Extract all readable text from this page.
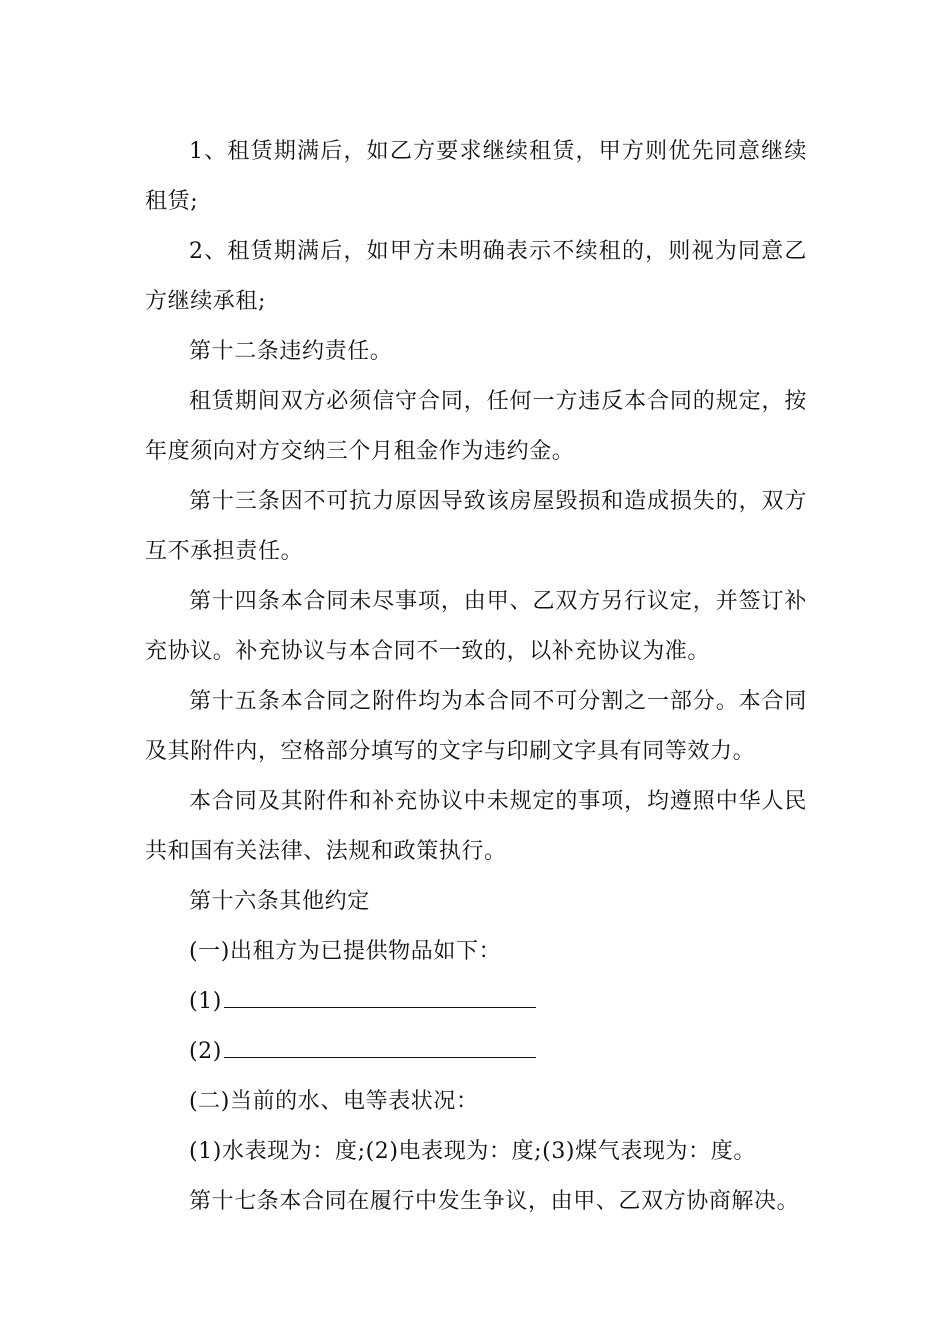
1、租赁期满后，如乙方要求继续租赁，甲方则优先同意继续租赁;

2、租赁期满后，如甲方未明确表示不续租的，则视为同意乙方继续承租;

第十二条违约责任。

租赁期间双方必须信守合同，任何一方违反本合同的规定，按年度须向对方交纳三个月租金作为违约金。

第十三条因不可抗力原因导致该房屋毁损和造成损失的，双方互不承担责任。

第十四条本合同未尽事项，由甲、乙双方另行议定，并签订补充协议。补充协议与本合同不一致的，以补充协议为准。

第十五条本合同之附件均为本合同不可分割之一部分。本合同及其附件内，空格部分填写的文字与印刷文字具有同等效力。

本合同及其附件和补充协议中未规定的事项，均遵照中华人民共和国有关法律、法规和政策执行。

第十六条其他约定

(一)出租方为已提供物品如下：

(1)

(2)

(二)当前的水、电等表状况：

(1)水表现为：度;(2)电表现为：度;(3)煤气表现为：度。

第十七条本合同在履行中发生争议，由甲、乙双方协商解决。
